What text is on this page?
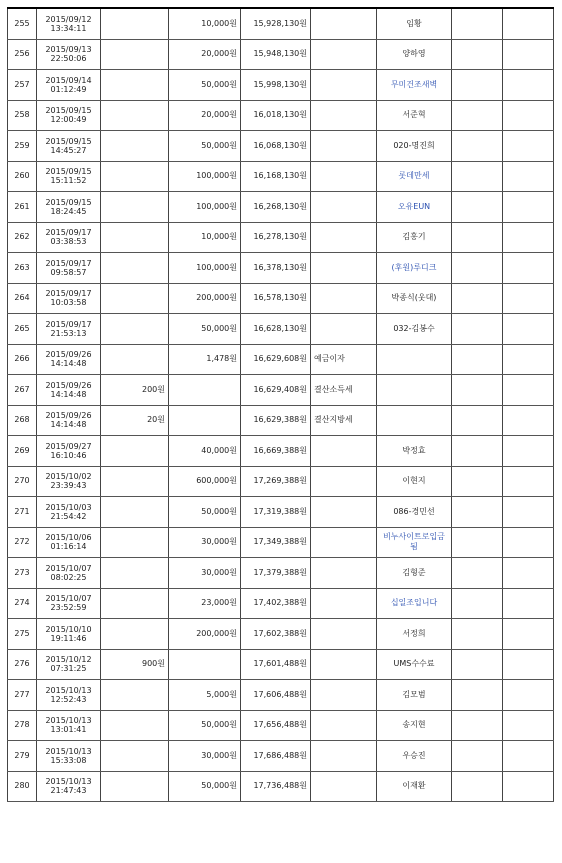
255	2015/09/12
13:34:11		10,000원	15,928,130원		임황		
256	2015/09/13
22:50:06		20,000원	15,948,130원		양하영		
257	2015/09/14
01:12:49		50,000원	15,998,130원		무미건조새벽		
258	2015/09/15
12:00:49		20,000원	16,018,130원		서준혁		
259	2015/09/15
14:45:27		50,000원	16,068,130원		020-명진희		
260	2015/09/15
15:11:52		100,000원	16,168,130원		롯데만세		
261	2015/09/15
18:24:45		100,000원	16,268,130원		오유EUN		
262	2015/09/17
03:38:53		10,000원	16,278,130원		김홍기		
263	2015/09/17
09:58:57		100,000원	16,378,130원		(후원)루디크		
264	2015/09/17
10:03:58		200,000원	16,578,130원		박종식(웃대)		
265	2015/09/17
21:53:13		50,000원	16,628,130원		032-김봉수		
266	2015/09/26
14:14:48		1,478원	16,629,608원	예금이자			
267	2015/09/26
14:14:48	200원		16,629,408원	결산소득세			
268	2015/09/26
14:14:48	20원		16,629,388원	결산지방세			
269	2015/09/27
16:10:46		40,000원	16,669,388원		박정효		
270	2015/10/02
23:39:43		600,000원	17,269,388원		이현지		
271	2015/10/03
21:54:42		50,000원	17,319,388원		086-경민선		
272	2015/10/06
01:16:14		30,000원	17,349,388원		비누사이트로입금됨		
273	2015/10/07
08:02:25		30,000원	17,379,388원		김형준		
274	2015/10/07
23:52:59		23,000원	17,402,388원		십일조입니다		
275	2015/10/10
19:11:46		200,000원	17,602,388원		서정희		
276	2015/10/12
07:31:25	900원		17,601,488원		UMS수수료		
277	2015/10/13
12:52:43		5,000원	17,606,488원		김모범		
278	2015/10/13
13:01:41		50,000원	17,656,488원		송지현		
279	2015/10/13
15:33:08		30,000원	17,686,488원		우승진		
280	2015/10/13
21:47:43		50,000원	17,736,488원		이재환		
